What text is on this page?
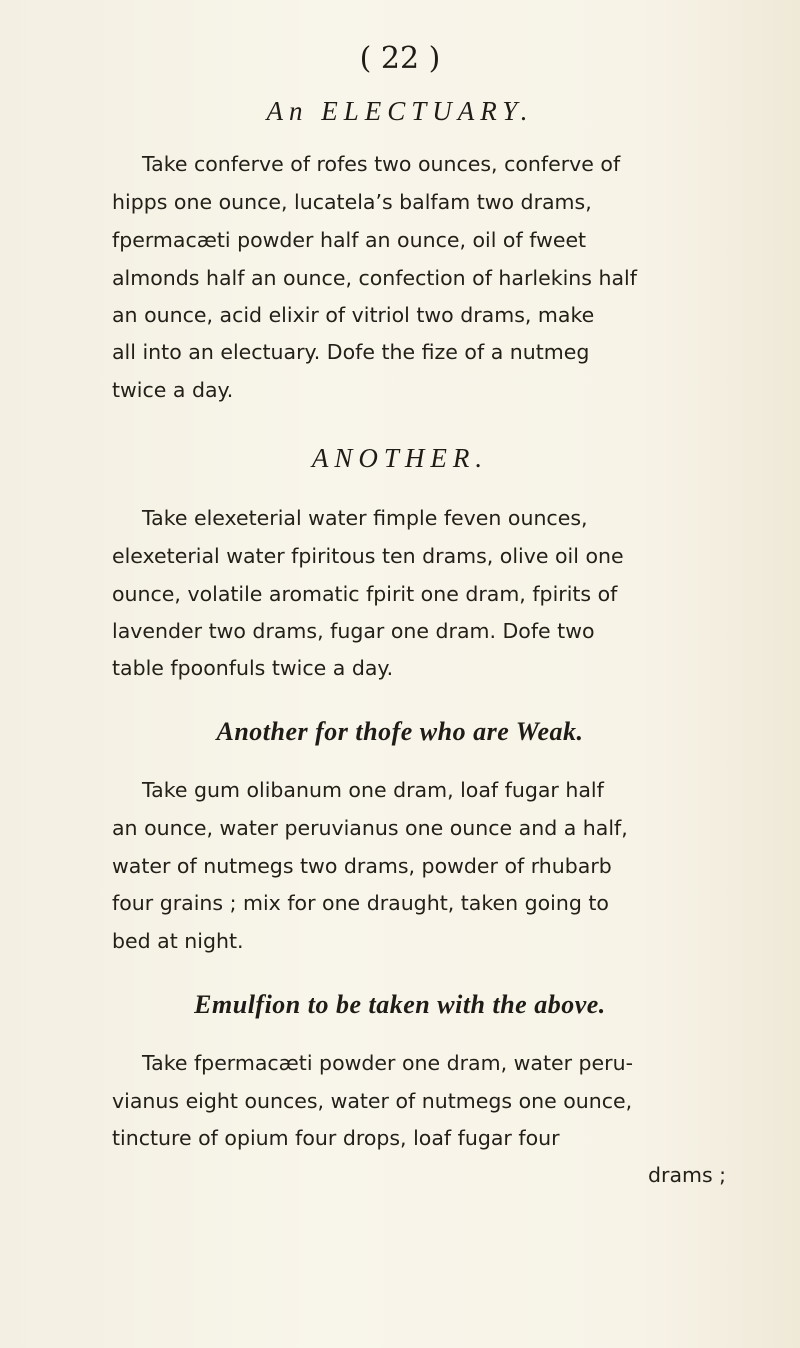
( 22 )
An ELECTUARY.
Take conferve of rofes two ounces, conferve of
hipps one ounce, lucatela’s balfam two drams,
fpermacæti powder half an ounce, oil of fweet
almonds half an ounce, confection of harlekins half
an ounce, acid elixir of vitriol two drams, make
all into an electuary. Dofe the fize of a nutmeg
twice a day.
ANOTHER.
Take elexeterial water fimple feven ounces,
elexeterial water fpiritous ten drams, olive oil one
ounce, volatile aromatic fpirit one dram, fpirits of
lavender two drams, fugar one dram. Dofe two
table fpoonfuls twice a day.
Another for thofe who are Weak.
Take gum olibanum one dram, loaf fugar half
an ounce, water peruvianus one ounce and a half,
water of nutmegs two drams, powder of rhubarb
four grains ; mix for one draught, taken going to
bed at night.
Emulfion to be taken with the above.
Take fpermacæti powder one dram, water peru-
vianus eight ounces, water of nutmegs one ounce,
tincture of opium four drops, loaf fugar four
drams ;
